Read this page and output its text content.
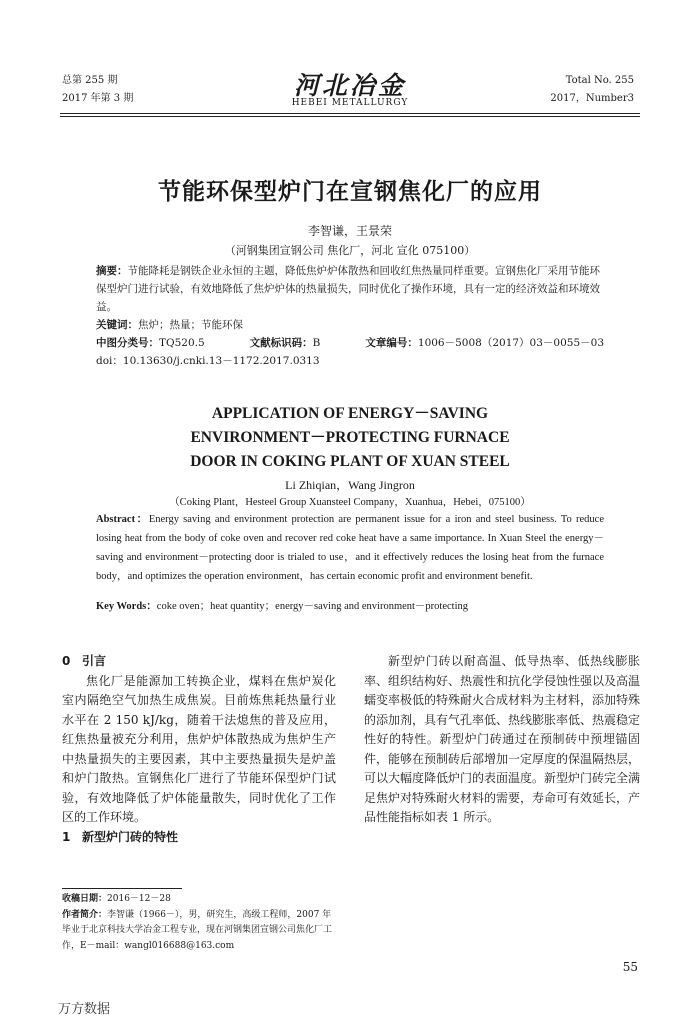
总第 255 期
2017 年第 3 期	河北冶金
HEBEI METALLURGY
Total No. 255
2017，Number3
节能环保型炉门在宣钢焦化厂的应用
李智谦，王景荣
（河钢集团宣钢公司 焦化厂，河北 宣化 075100）
摘要：节能降耗是钢铁企业永恒的主题，降低焦炉炉体散热和回收红焦热量同样重要。宣钢焦化厂采用节能环保型炉门进行试验，有效地降低了焦炉炉体的热量损失，同时优化了操作环境，具有一定的经济效益和环境效益。
关键词：焦炉；热量；节能环保
中图分类号：TQ520.5	文献标识码：B	文章编号：1006－5008（2017）03－0055－03
doi：10.13630/j.cnki.13－1172.2017.0313
APPLICATION OF ENERGY－SAVING
ENVIRONMENT－PROTECTING FURNACE
DOOR IN COKING PLANT OF XUAN STEEL
Li Zhiqian，Wang Jingron
（Coking Plant，Hesteel Group Xuansteel Company，Xuanhua，Hebei，075100）
Abstract：Energy saving and environment protection are permanent issue for a iron and steel business. To reduce losing heat from the body of coke oven and recover red coke heat have a same importance. In Xuan Steel the energy－saving and environment－protecting door is trialed to use，and it effectively reduces the losing heat from the furnace body，and optimizes the operation environment，has certain economic profit and environment benefit.
Key Words：coke oven；heat quantity；energy－saving and environment－protecting
0 引言

焦化厂是能源加工转换企业，煤料在焦炉炭化室内隔绝空气加热生成焦炭。目前炼焦耗热量行业水平在 2 150 kJ/kg，随着干法熄焦的普及应用，红焦热量被充分利用，焦炉炉体散热成为焦炉生产中热量损失的主要因素，其中主要热量损失是炉盖和炉门散热。宣钢焦化厂进行了节能环保型炉门试验，有效地降低了炉体能量散失，同时优化了工作区的工作环境。

1 新型炉门砖的特性

新型炉门砖以耐高温、低导热率、低热线膨胀率、组织结构好、热震性和抗化学侵蚀性强以及高温蠕变率极低的特殊耐火合成材料为主材料，添加特殊的添加剂，具有气孔率低、热线膨胀率低、热震稳定性好的特性。新型炉门砖通过在预制砖中预埋锚固件，能够在预制砖后部增加一定厚度的保温隔热层，可以大幅度降低炉门的表面温度。新型炉门砖完全满足焦炉对特殊耐火材料的需要，寿命可有效延长，产品性能指标如表 1 所示。

收稿日期：2016－12－28
作者简介：李智谦（1966－），男，研究生，高级工程师，2007 年毕业于北京科技大学冶金工程专业，现在河钢集团宣钢公司焦化厂工作，E－mail：wangl016688@163.com
55
万方数据
